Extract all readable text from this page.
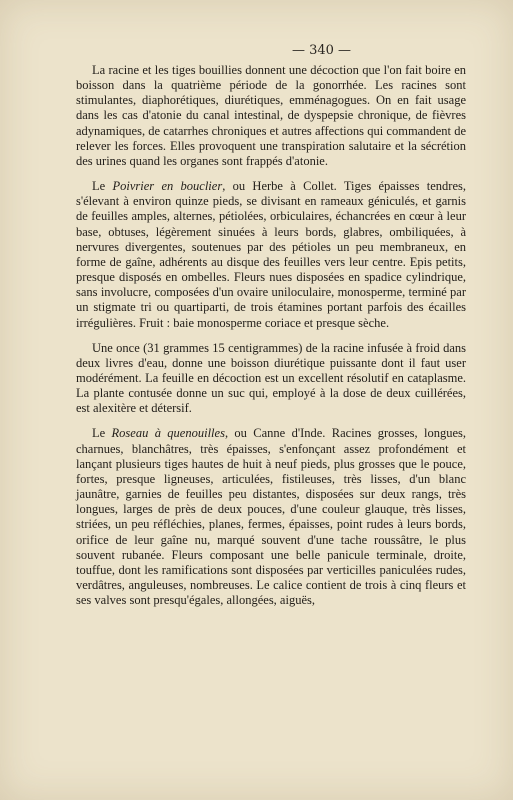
— 340 —

La racine et les tiges bouillies donnent une décoction que l'on fait boire en boisson dans la quatrième période de la gonorrhée. Les racines sont stimulantes, diaphorétiques, diurétiques, emménagogues. On en fait usage dans les cas d'atonie du canal intestinal, de dyspepsie chronique, de fièvres adynamiques, de catarrhes chroniques et autres affections qui commandent de relever les forces. Elles provoquent une transpiration salutaire et la sécrétion des urines quand les organes sont frappés d'atonie.

Le Poivrier en bouclier, ou Herbe à Collet. Tiges épaisses tendres, s'élevant à environ quinze pieds, se divisant en rameaux géniculés, et garnis de feuilles amples, alternes, pétiolées, orbiculaires, échancrées en cœur à leur base, obtuses, légèrement sinuées à leurs bords, glabres, ombiliquées, à nervures divergentes, soutenues par des pétioles un peu membraneux, en forme de gaîne, adhérents au disque des feuilles vers leur centre. Epis petits, presque disposés en ombelles. Fleurs nues disposées en spadice cylindrique, sans involucre, composées d'un ovaire uniloculaire, monosperme, terminé par un stigmate tri ou quartiparti, de trois étamines portant parfois des écailles irrégulières. Fruit : baie monosperme coriace et presque sèche.

Une once (31 grammes 15 centigrammes) de la racine infusée à froid dans deux livres d'eau, donne une boisson diurétique puissante dont il faut user modérément. La feuille en décoction est un excellent résolutif en cataplasme. La plante contusée donne un suc qui, employé à la dose de deux cuillérées, est alexitère et détersif.

Le Roseau à quenouilles, ou Canne d'Inde. Racines grosses, longues, charnues, blanchâtres, très épaisses, s'enfonçant assez profondément et lançant plusieurs tiges hautes de huit à neuf pieds, plus grosses que le pouce, fortes, presque ligneuses, articulées, fistileuses, très lisses, d'un blanc jaunâtre, garnies de feuilles peu distantes, disposées sur deux rangs, très longues, larges de près de deux pouces, d'une couleur glauque, très lisses, striées, un peu réfléchies, planes, fermes, épaisses, point rudes à leurs bords, orifice de leur gaîne nu, marqué souvent d'une tache roussâtre, le plus souvent rubanée. Fleurs composant une belle panicule terminale, droite, touffue, dont les ramifications sont disposées par verticilles paniculées rudes, verdâtres, anguleuses, nombreuses. Le calice contient de trois à cinq fleurs et ses valves sont presqu'égales, allongées, aiguës,
